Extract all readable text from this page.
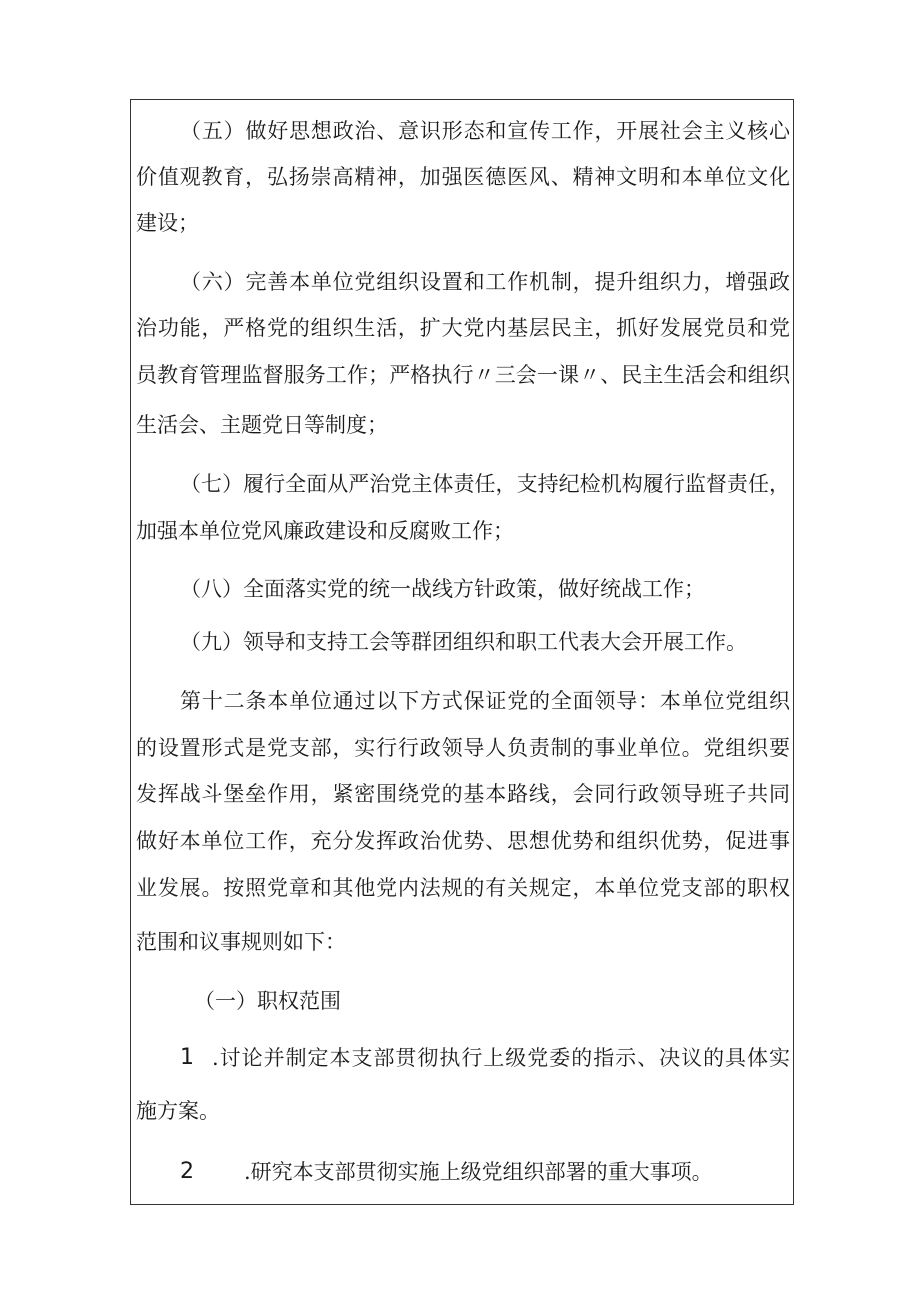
（五）做好思想政治、意识形态和宣传工作，开展社会主义核心
价值观教育，弘扬崇高精神，加强医德医风、精神文明和本单位文化
建设；
（六）完善本单位党组织设置和工作机制，提升组织力，增强政
治功能，严格党的组织生活，扩大党内基层民主，抓好发展党员和党
员教育管理监督服务工作；严格执行〃三会一课〃、民主生活会和组织
生活会、主题党日等制度；
（七）履行全面从严治党主体责任，支持纪检机构履行监督责任，
加强本单位党风廉政建设和反腐败工作；
（八）全面落实党的统一战线方针政策，做好统战工作；
（九）领导和支持工会等群团组织和职工代表大会开展工作。
第十二条本单位通过以下方式保证党的全面领导：本单位党组织
的设置形式是党支部，实行行政领导人负责制的事业单位。党组织要
发挥战斗堡垒作用，紧密围绕党的基本路线，会同行政领导班子共同
做好本单位工作，充分发挥政治优势、思想优势和组织优势，促进事
业发展。按照党章和其他党内法规的有关规定，本单位党支部的职权
范围和议事规则如下：
（一）职权范围
1 .讨论并制定本支部贯彻执行上级党委的指示、决议的具体实
施方案。
2	.研究本支部贯彻实施上级党组织部署的重大事项。
